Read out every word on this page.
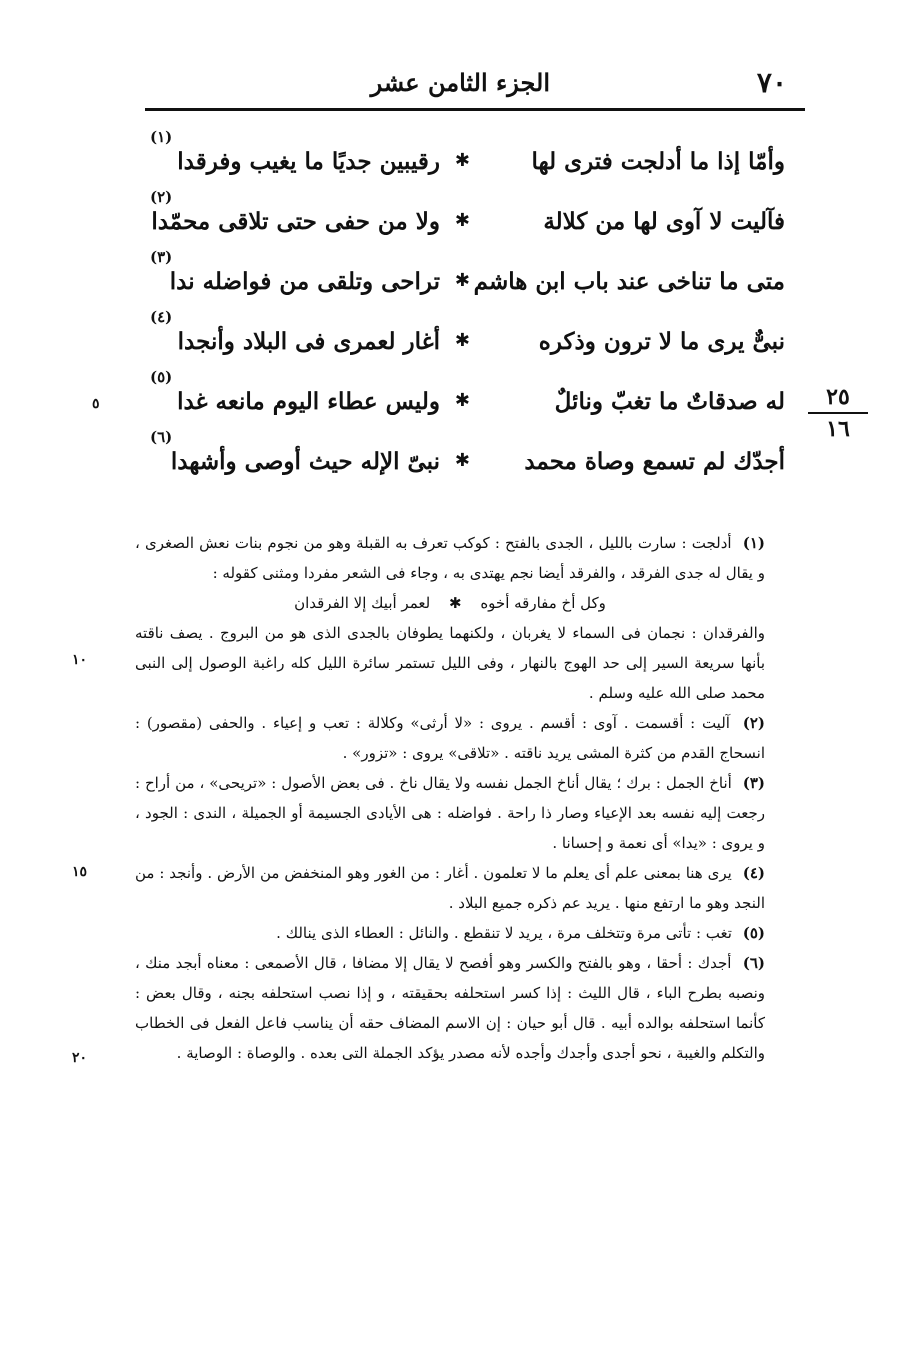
٧٠
الجزء الثامن عشر
(١)
وأمّا إذا ما أدلجت فترى لها
✱
رقيبين جديًا ما يغيب وفرقدا
(٢)
فآليت لا آوى لها من كلالة
✱
ولا من حفى حتى تلاقى محمّدا
(٣)
متى ما تناخى عند باب ابن هاشم
✱
تراحى وتلقى من فواضله ندا
(٤)
نبىٌّ يرى ما لا ترون وذكره
✱
أغار لعمرى فى البلاد وأنجدا
(٥)
له صدقاتٌ ما تغبّ ونائلٌ
✱
وليس عطاء اليوم مانعه غدا
(٦)
أجدّك لم تسمع وصاة محمد
✱
نبىّ الإله حيث أوصى وأشهدا
٢٥
١٦
٥
١٠
١٥
٢٠

(١) أدلجت : سارت بالليل ، الجدى بالفتح : كوكب تعرف به القبلة وهو من نجوم بنات نعش الصغرى ، و يقال له جدى الفرقد ، والفرقد أيضا نجم يهتدى به ، وجاء فى الشعر مفردا ومثنى كقوله :

وكل أخ مفارقه أخوه ✱ لعمر أبيك إلا الفرقدان

والفرقدان : نجمان فى السماء لا يغربان ، ولكنهما يطوفان بالجدى الذى هو من البروج . يصف ناقته بأنها سريعة السير إلى حد الهوج بالنهار ، وفى الليل تستمر سائرة الليل كله راغبة الوصول إلى النبى محمد صلى الله عليه وسلم .

(٢) آليت : أقسمت . آوى : أقسم . يروى : «لا أرثى» وكلالة : تعب و إعياء . والحفى (مقصور) : انسحاج القدم من كثرة المشى يريد ناقته . «تلاقى» يروى : «تزور» .

(٣) أناخ الجمل : برك ؛ يقال أناخ الجمل نفسه ولا يقال ناخ . فى بعض الأصول : «تريحى» ، من أراح : رجعت إليه نفسه بعد الإعياء وصار ذا راحة . فواضله : هى الأيادى الجسيمة أو الجميلة ، الندى : الجود ، و يروى : «يدا» أى نعمة و إحسانا .

(٤) يرى هنا بمعنى علم أى يعلم ما لا تعلمون . أغار : من الغور وهو المنخفض من الأرض . وأنجد : من النجد وهو ما ارتفع منها . يريد عم ذكره جميع البلاد .

(٥) تغب : تأتى مرة وتتخلف مرة ، يريد لا تنقطع . والنائل : العطاء الذى ينالك .

(٦) أجدك : أحقا ، وهو بالفتح والكسر وهو أفصح لا يقال إلا مضافا ، قال الأصمعى : معناه أبجد منك ، ونصبه بطرح الباء ، قال الليث : إذا كسر استحلفه بحقيقته ، و إذا نصب استحلفه بجنه ، وقال بعض : كأنما استحلفه بوالده أبيه . قال أبو حيان : إن الاسم المضاف حقه أن يناسب فاعل الفعل فى الخطاب والتكلم والغيبة ، نحو أجدى وأجدك وأجده لأنه مصدر يؤكد الجملة التى بعده . والوصاة : الوصاية .
